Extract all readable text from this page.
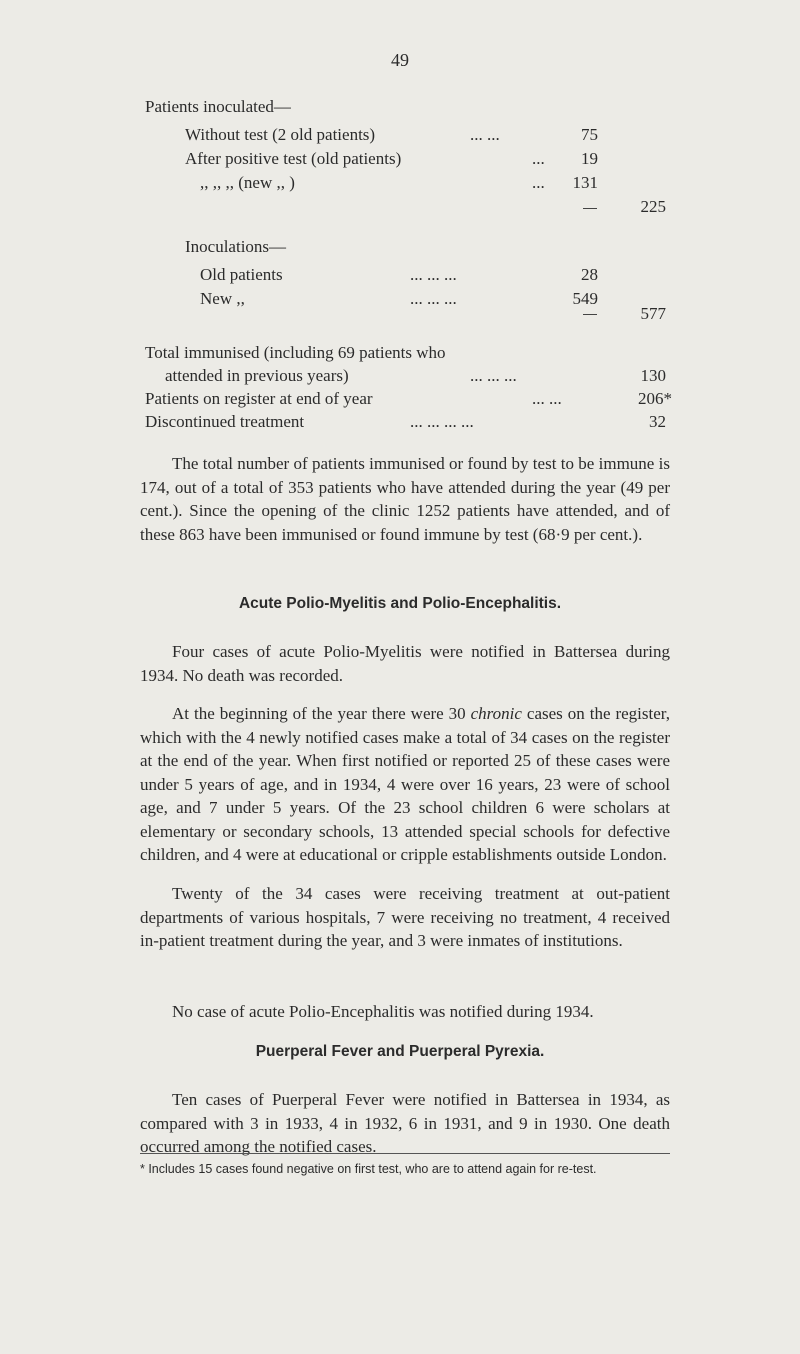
49
Patients inoculated—
Without test (2 old patients)	... ...	75
After positive test (old patients)	...	19
,, ,, ,, (new ,, )	...	131
225
Inoculations—
Old patients	... ... ...	28
New ,,	... ... ...	549
577
Total immunised (including 69 patients who
attended in previous years)	... ... ...	130
Patients on register at end of year	... ...	206*
Discontinued treatment	... ... ... ...	32
The total number of patients immunised or found by test to be immune is 174, out of a total of 353 patients who have attended during the year (49 per cent.). Since the opening of the clinic 1252 patients have attended, and of these 863 have been immunised or found immune by test (68·9 per cent.).
Acute Polio-Myelitis and Polio-Encephalitis.
Four cases of acute Polio-Myelitis were notified in Battersea during 1934. No death was recorded.
At the beginning of the year there were 30 chronic cases on the register, which with the 4 newly notified cases make a total of 34 cases on the register at the end of the year. When first notified or reported 25 of these cases were under 5 years of age, and in 1934, 4 were over 16 years, 23 were of school age, and 7 under 5 years. Of the 23 school children 6 were scholars at elementary or secondary schools, 13 attended special schools for defective children, and 4 were at educational or cripple establishments outside London.
Twenty of the 34 cases were receiving treatment at out-patient departments of various hospitals, 7 were receiving no treatment, 4 received in-patient treatment during the year, and 3 were inmates of institutions.
No case of acute Polio-Encephalitis was notified during 1934.
Puerperal Fever and Puerperal Pyrexia.
Ten cases of Puerperal Fever were notified in Battersea in 1934, as compared with 3 in 1933, 4 in 1932, 6 in 1931, and 9 in 1930. One death occurred among the notified cases.
* Includes 15 cases found negative on first test, who are to attend again for re-test.
